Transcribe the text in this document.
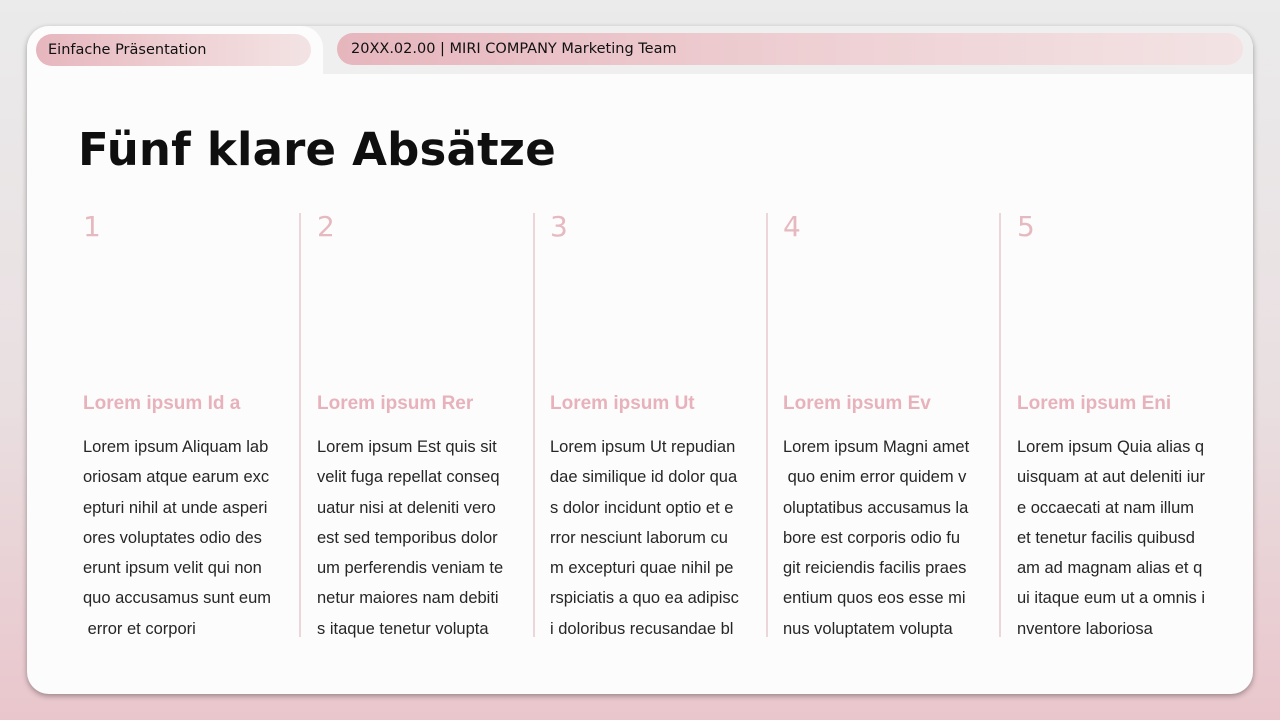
Einfache Präsentation	20XX.02.00 | MIRI COMPANY Marketing Team
Fünf klare Absätze
1
Lorem ipsum Id a
Lorem ipsum Aliquam lab
oriosam atque earum exc
epturi nihil at unde asperi
ores voluptates odio des
erunt ipsum velit qui non
quo accusamus sunt eum
error et corpori
2
Lorem ipsum Rer
Lorem ipsum Est quis sit
velit fuga repellat conseq
uatur nisi at deleniti vero
est sed temporibus dolor
um perferendis veniam te
netur maiores nam debiti
s itaque tenetur volupta
3
Lorem ipsum Ut
Lorem ipsum Ut repudian
dae similique id dolor qua
s dolor incidunt optio et e
rror nesciunt laborum cu
m excepturi quae nihil pe
rspiciatis a quo ea adipisc
i doloribus recusandae bl
4
Lorem ipsum Ev
Lorem ipsum Magni amet
quo enim error quidem v
oluptatibus accusamus la
bore est corporis odio fu
git reiciendis facilis praes
entium quos eos esse mi
nus voluptatem volupta
5
Lorem ipsum Eni
Lorem ipsum Quia alias q
uisquam at aut deleniti iur
e occaecati at nam illum
et tenetur facilis quibusd
am ad magnam alias et q
ui itaque eum ut a omnis i
nventore laboriosa
